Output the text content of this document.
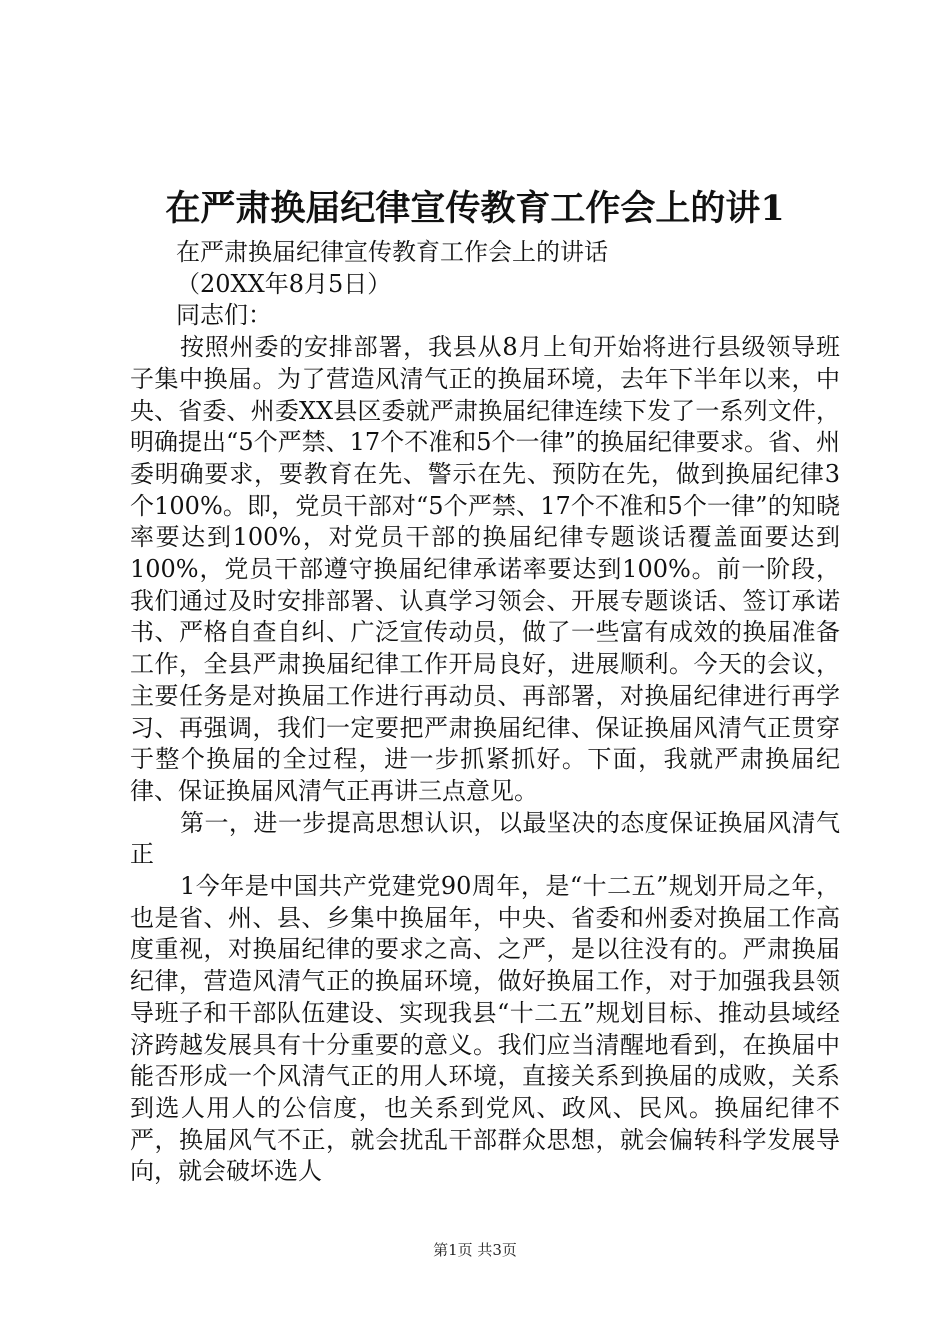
在严肃换届纪律宣传教育工作会上的讲1

在严肃换届纪律宣传教育工作会上的讲话

（20XX年8月5日）

同志们：

按照州委的安排部署，我县从8月上旬开始将进行县级领导班子集中换届。为了营造风清气正的换届环境，去年下半年以来，中央、省委、州委XX县区委就严肃换届纪律连续下发了一系列文件，明确提出“5个严禁、17个不准和5个一律”的换届纪律要求。省、州委明确要求，要教育在先、警示在先、预防在先，做到换届纪律3个100%。即，党员干部对“5个严禁、17个不准和5个一律”的知晓率要达到100%，对党员干部的换届纪律专题谈话覆盖面要达到100%，党员干部遵守换届纪律承诺率要达到100%。前一阶段，我们通过及时安排部署、认真学习领会、开展专题谈话、签订承诺书、严格自查自纠、广泛宣传动员，做了一些富有成效的换届准备工作，全县严肃换届纪律工作开局良好，进展顺利。今天的会议，主要任务是对换届工作进行再动员、再部署，对换届纪律进行再学习、再强调，我们一定要把严肃换届纪律、保证换届风清气正贯穿于整个换届的全过程，进一步抓紧抓好。下面，我就严肃换届纪律、保证换届风清气正再讲三点意见。

第一，进一步提高思想认识，以最坚决的态度保证换届风清气正

1今年是中国共产党建党90周年，是“十二五”规划开局之年，也是省、州、县、乡集中换届年，中央、省委和州委对换届工作高度重视，对换届纪律的要求之高、之严，是以往没有的。严肃换届纪律，营造风清气正的换届环境，做好换届工作，对于加强我县领导班子和干部队伍建设、实现我县“十二五”规划目标、推动县域经济跨越发展具有十分重要的意义。我们应当清醒地看到，在换届中能否形成一个风清气正的用人环境，直接关系到换届的成败，关系到选人用人的公信度，也关系到党风、政风、民风。换届纪律不严，换届风气不正，就会扰乱干部群众思想，就会偏转科学发展导向，就会破坏选人

第1页 共3页
